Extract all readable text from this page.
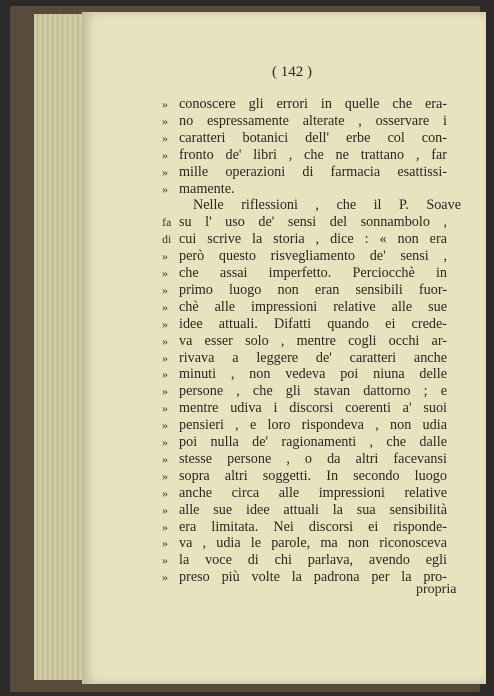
( 142 )
» conoscere gli errori in quelle che era-
» no espressamente alterate , osservare i
» caratteri botanici dell' erbe col con-
» fronto de' libri , che ne trattano , far
» mille operazioni di farmacia esattissi-
» mamente.
Nelle riflessioni , che il P. Soave
fa su l' uso de' sensi del sonnambolo ,
di cui scrive la storia , dice : « non era
» però questo risvegliamento de' sensi ,
» che assai imperfetto. Perciocchè in
» primo luogo non eran sensibili fuor-
» chè alle impressioni relative alle sue
» idee attuali. Difatti quando ei crede-
» va esser solo , mentre cogli occhi ar-
» rivava a leggere de' caratteri anche
» minuti , non vedeva poi niuna delle
» persone , che gli stavan dattorno ; e
» mentre udiva i discorsi coerenti a' suoi
» pensieri , e loro rispondeva , non udia
» poi nulla de' ragionamenti , che dalle
» stesse persone , o da altri facevansi
» sopra altri soggetti. In secondo luogo
» anche circa alle impressioni relative
» alle sue idee attuali la sua sensibilità
» era limitata. Nei discorsi ei risponde-
» va , udia le parole, ma non riconosceva
» la voce di chi parlava, avendo egli
» preso più volte la padrona per la pro-
propria
